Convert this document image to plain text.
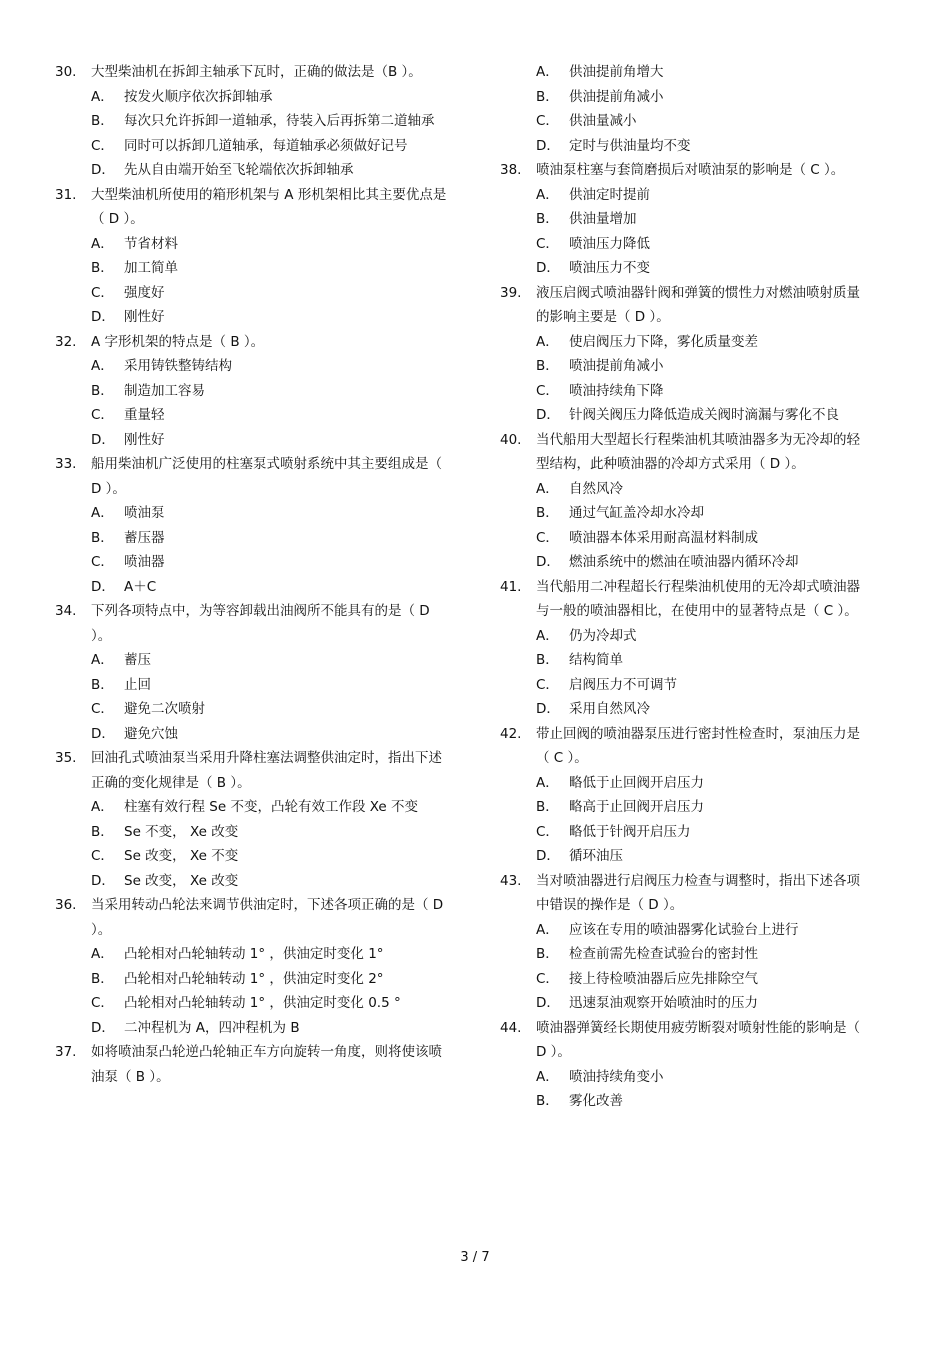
30.	大型柴油机在拆卸主轴承下瓦时，正确的做法是（B ）。
A． 按发火顺序依次拆卸轴承
B． 每次只允许拆卸一道轴承，待装入后再拆第二道轴承
C． 同时可以拆卸几道轴承，每道轴承必须做好记号
D． 先从自由端开始至飞轮端依次拆卸轴承
31.	大型柴油机所使用的箱形机架与 A 形机架相比其主要优点是（ D ）。
A． 节省材料
B． 加工简单
C． 强度好
D． 刚性好
32.	A 字形机架的特点是（ B ）。
A． 采用铸铁整铸结构
B． 制造加工容易
C． 重量轻
D． 刚性好
33.	船用柴油机广泛使用的柱塞泵式喷射系统中其主要组成是（ D ）。
A． 喷油泵
B． 蓄压器
C． 喷油器
D． A＋C
34.	下列各项特点中，为等容卸载出油阀所不能具有的是（ D ）。
A． 蓄压
B． 止回
C． 避免二次喷射
D． 避免穴蚀
35.	回油孔式喷油泵当采用升降柱塞法调整供油定时，指出下述正确的变化规律是（ B ）。
A． 柱塞有效行程 Se 不变，凸轮有效工作段 Xe 不变
B． Se 不变， Xe 改变
C． Se 改变， Xe 不变
D． Se 改变， Xe 改变
36.	当采用转动凸轮法来调节供油定时，下述各项正确的是（ D ）。
A． 凸轮相对凸轮轴转动 1° ，供油定时变化 1°
B． 凸轮相对凸轮轴转动 1° ，供油定时变化 2°
C． 凸轮相对凸轮轴转动 1° ，供油定时变化 0.5 °
D． 二冲程机为 A，四冲程机为 B
37.	如将喷油泵凸轮逆凸轮轴正车方向旋转一角度，则将使该喷油泵（ B ）。
A． 供油提前角增大
B． 供油提前角减小
C． 供油量减小
D． 定时与供油量均不变
38.	喷油泵柱塞与套筒磨损后对喷油泵的影响是（ C ）。
A． 供油定时提前
B． 供油量增加
C． 喷油压力降低
D． 喷油压力不变
39.	液压启阀式喷油器针阀和弹簧的惯性力对燃油喷射质量的影响主要是（ D ）。
A． 使启阀压力下降，雾化质量变差
B． 喷油提前角减小
C． 喷油持续角下降
D． 针阀关阀压力降低造成关阀时滴漏与雾化不良
40.	当代船用大型超长行程柴油机其喷油器多为无冷却的轻型结构，此种喷油器的冷却方式采用（ D ）。
A． 自然风冷
B． 通过气缸盖冷却水冷却
C． 喷油器本体采用耐高温材料制成
D． 燃油系统中的燃油在喷油器内循环冷却
41.	当代船用二冲程超长行程柴油机使用的无冷却式喷油器与一般的喷油器相比，在使用中的显著特点是（ C ）。
A． 仍为冷却式
B． 结构简单
C． 启阀压力不可调节
D． 采用自然风冷
42.	带止回阀的喷油器泵压进行密封性检查时，泵油压力是（ C ）。
A． 略低于止回阀开启压力
B． 略高于止回阀开启压力
C． 略低于针阀开启压力
D． 循环油压
43.	当对喷油器进行启阀压力检查与调整时，指出下述各项中错误的操作是（ D ）。
A． 应该在专用的喷油器雾化试验台上进行
B． 检查前需先检查试验台的密封性
C． 接上待检喷油器后应先排除空气
D． 迅速泵油观察开始喷油时的压力
44.	喷油器弹簧经长期使用疲劳断裂对喷射性能的影响是（ D ）。
A． 喷油持续角变小
B． 雾化改善
3 / 7
